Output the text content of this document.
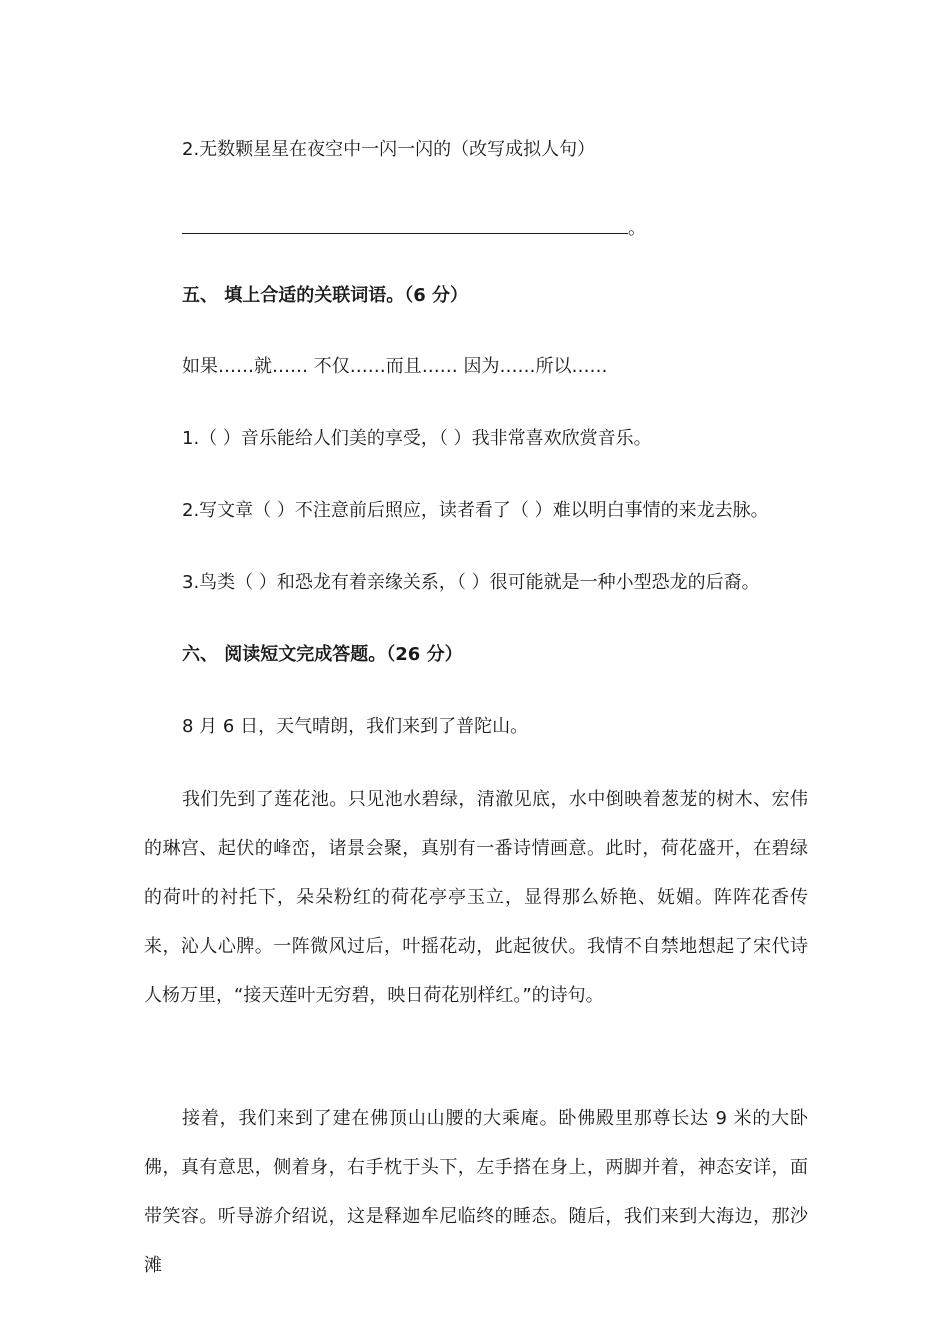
2.无数颗星星在夜空中一闪一闪的（改写成拟人句）
。
五、 填上合适的关联词语。（6 分）
如果……就…… 不仅……而且…… 因为……所以……
1.（ ）音乐能给人们美的享受，（ ）我非常喜欢欣赏音乐。
2.写文章（ ）不注意前后照应，读者看了（ ）难以明白事情的来龙去脉。
3.鸟类（ ）和恐龙有着亲缘关系，（ ）很可能就是一种小型恐龙的后裔。
六、 阅读短文完成答题。（26 分）
8 月 6 日，天气晴朗，我们来到了普陀山。

我们先到了莲花池。只见池水碧绿，清澈见底，水中倒映着葱茏的树木、宏伟的琳宫、起伏的峰峦，诸景会聚，真别有一番诗情画意。此时，荷花盛开，在碧绿的荷叶的衬托下，朵朵粉红的荷花亭亭玉立，显得那么娇艳、妩媚。阵阵花香传来，沁人心脾。一阵微风过后，叶摇花动，此起彼伏。我情不自禁地想起了宋代诗人杨万里，“接天莲叶无穷碧，映日荷花别样红。”的诗句。

接着，我们来到了建在佛顶山山腰的大乘庵。卧佛殿里那尊长达 9 米的大卧佛，真有意思，侧着身，右手枕于头下，左手搭在身上，两脚并着，神态安详，面带笑容。听导游介绍说，这是释迦牟尼临终的睡态。随后，我们来到大海边，那沙滩
